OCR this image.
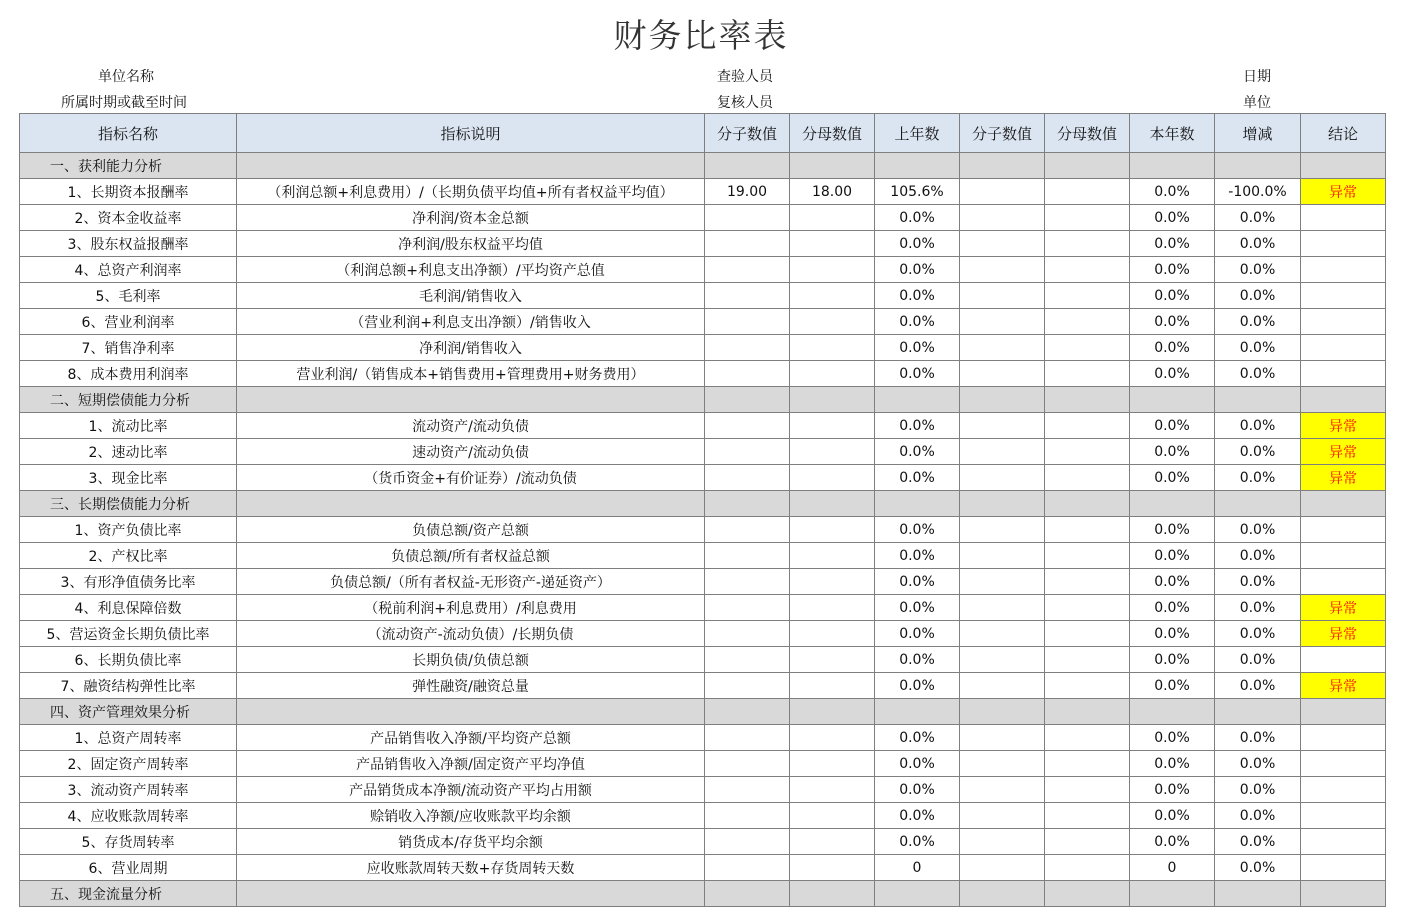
财务比率表
单位名称
所属时期或截至时间
查验人员
复核人员
日期
单位
指标名称	指标说明	分子数值	分母数值	上年数	分子数值	分母数值	本年数	增减	结论
一、获利能力分析									
1、长期资本报酬率	（利润总额+利息费用）/（长期负债平均值+所有者权益平均值）	19.00	18.00	105.6%			0.0%	-100.0%	异常
2、资本金收益率	净利润/资本金总额			0.0%			0.0%	0.0%	
3、股东权益报酬率	净利润/股东权益平均值			0.0%			0.0%	0.0%	
4、总资产利润率	（利润总额+利息支出净额）/平均资产总值			0.0%			0.0%	0.0%	
5、毛利率	毛利润/销售收入			0.0%			0.0%	0.0%	
6、营业利润率	（营业利润+利息支出净额）/销售收入			0.0%			0.0%	0.0%	
7、销售净利率	净利润/销售收入			0.0%			0.0%	0.0%	
8、成本费用利润率	营业利润/（销售成本+销售费用+管理费用+财务费用）			0.0%			0.0%	0.0%	
二、短期偿债能力分析									
1、流动比率	流动资产/流动负债			0.0%			0.0%	0.0%	异常
2、速动比率	速动资产/流动负债			0.0%			0.0%	0.0%	异常
3、现金比率	（货币资金+有价证券）/流动负债			0.0%			0.0%	0.0%	异常
三、长期偿债能力分析									
1、资产负债比率	负债总额/资产总额			0.0%			0.0%	0.0%	
2、产权比率	负债总额/所有者权益总额			0.0%			0.0%	0.0%	
3、有形净值债务比率	负债总额/（所有者权益-无形资产-递延资产）			0.0%			0.0%	0.0%	
4、利息保障倍数	（税前利润+利息费用）/利息费用			0.0%			0.0%	0.0%	异常
5、营运资金长期负债比率	（流动资产-流动负债）/长期负债			0.0%			0.0%	0.0%	异常
6、长期负债比率	长期负债/负债总额			0.0%			0.0%	0.0%	
7、融资结构弹性比率	弹性融资/融资总量			0.0%			0.0%	0.0%	异常
四、资产管理效果分析									
1、总资产周转率	产品销售收入净额/平均资产总额			0.0%			0.0%	0.0%	
2、固定资产周转率	产品销售收入净额/固定资产平均净值			0.0%			0.0%	0.0%	
3、流动资产周转率	产品销货成本净额/流动资产平均占用额			0.0%			0.0%	0.0%	
4、应收账款周转率	赊销收入净额/应收账款平均余额			0.0%			0.0%	0.0%	
5、存货周转率	销货成本/存货平均余额			0.0%			0.0%	0.0%	
6、营业周期	应收账款周转天数+存货周转天数			0			0	0.0%	
五、现金流量分析									
